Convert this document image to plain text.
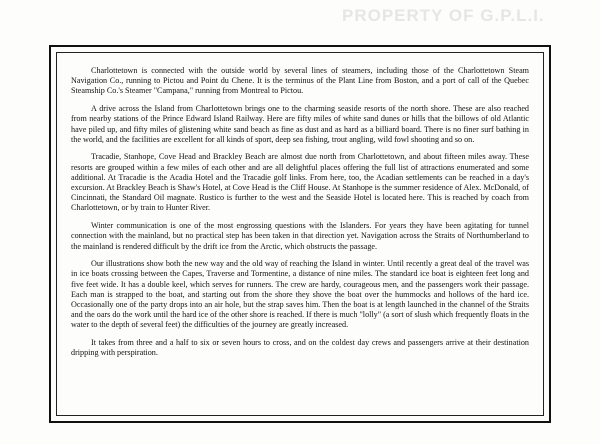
PROPERTY OF G.P.L.I.

Charlottetown is connected with the outside world by several lines of steamers, including those of the Charlottetown Steam Navigation Co., running to Pictou and Point du Chene. It is the terminus of the Plant Line from Boston, and a port of call of the Quebec Steamship Co.'s Steamer "Campana," running from Montreal to Pictou.

A drive across the Island from Charlottetown brings one to the charming seaside resorts of the north shore. These are also reached from nearby stations of the Prince Edward Island Railway. Here are fifty miles of white sand dunes or hills that the billows of old Atlantic have piled up, and fifty miles of glistening white sand beach as fine as dust and as hard as a billiard board. There is no finer surf bathing in the world, and the facilities are excellent for all kinds of sport, deep sea fishing, trout angling, wild fowl shooting and so on.

Tracadie, Stanhope, Cove Head and Brackley Beach are almost due north from Charlottetown, and about fifteen miles away. These resorts are grouped within a few miles of each other and are all delightful places offering the full list of attractions enumerated and some additional. At Tracadie is the Acadia Hotel and the Tracadie golf links. From here, too, the Acadian settlements can be reached in a day's excursion. At Brackley Beach is Shaw's Hotel, at Cove Head is the Cliff House. At Stanhope is the summer residence of Alex. McDonald, of Cincinnati, the Standard Oil magnate. Rustico is further to the west and the Seaside Hotel is located here. This is reached by coach from Charlottetown, or by train to Hunter River.

Winter communication is one of the most engrossing questions with the Islanders. For years they have been agitating for tunnel connection with the mainland, but no practical step has been taken in that direction yet. Navigation across the Straits of Northumberland to the mainland is rendered difficult by the drift ice from the Arctic, which obstructs the passage.

Our illustrations show both the new way and the old way of reaching the Island in winter. Until recently a great deal of the travel was in ice boats crossing between the Capes, Traverse and Tormentine, a distance of nine miles. The standard ice boat is eighteen feet long and five feet wide. It has a double keel, which serves for runners. The crew are hardy, courageous men, and the passengers work their passage. Each man is strapped to the boat, and starting out from the shore they shove the boat over the hummocks and hollows of the hard ice. Occasionally one of the party drops into an air hole, but the strap saves him. Then the boat is at length launched in the channel of the Straits and the oars do the work until the hard ice of the other shore is reached. If there is much "lolly" (a sort of slush which frequently floats in the water to the depth of several feet) the difficulties of the journey are greatly increased.

It takes from three and a half to six or seven hours to cross, and on the coldest day crews and passengers arrive at their destination dripping with perspiration.
